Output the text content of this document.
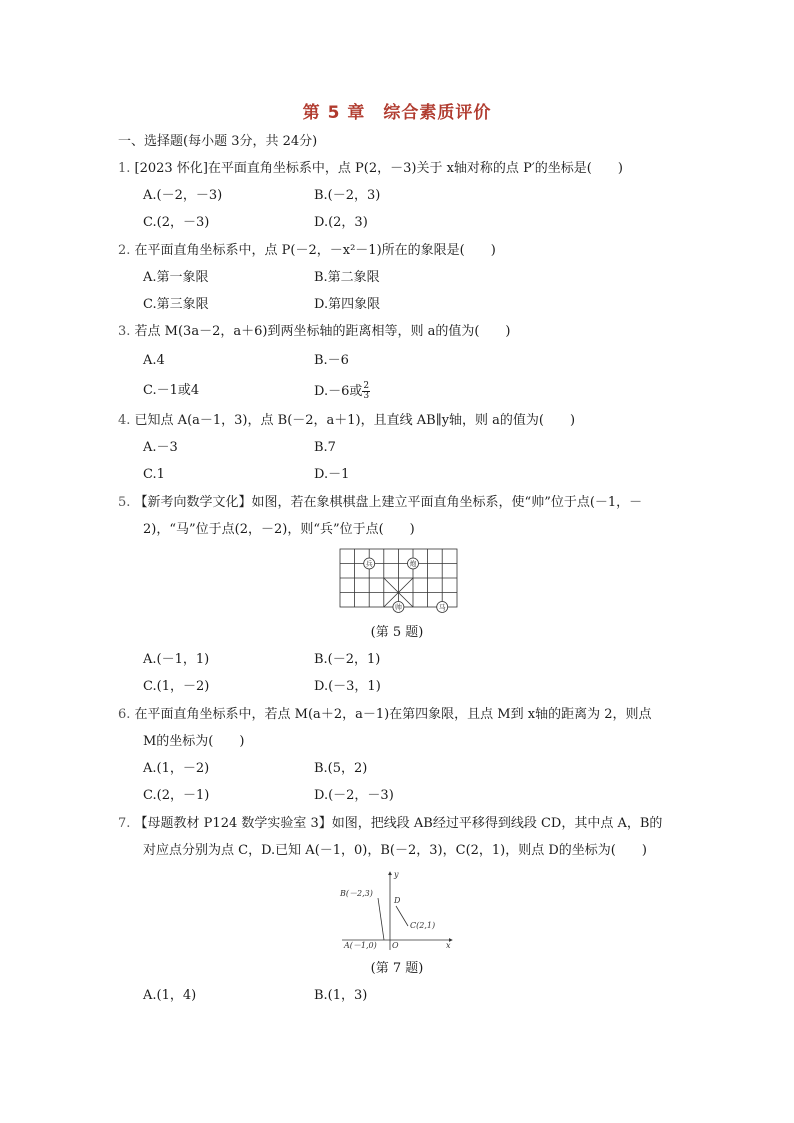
第 5 章　综合素质评价
一、选择题(每小题 3分，共 24分)
1. [2023 怀化]在平面直角坐标系中，点 P(2，－3)关于 x轴对称的点 P′的坐标是(　　)
A.(－2，－3)	B.(－2，3)
C.(2，－3)	D.(2，3)
2. 在平面直角坐标系中，点 P(－2，－x²－1)所在的象限是(　　)
A.第一象限	B.第二象限
C.第三象限	D.第四象限
3. 若点 M(3a－2，a＋6)到两坐标轴的距离相等，则 a的值为(　　)
A.4	B.－6
C.－1或4	D.－6或 $\frac{2}{3}$
4. 已知点 A(a－1，3)，点 B(－2，a＋1)，且直线 AB∥y轴，则 a的值为(　　)
A.－3	B.7
C.1	D.－1
5. 【新考向数学文化】如图，若在象棋棋盘上建立平面直角坐标系，使“帅”位于点(－1，－
2)，“马”位于点(2，－2)，则“兵”位于点(　　)
兵	炮
帅	马
(第 5 题)
A.(－1，1)	B.(－2，1)
C.(1，－2)	D.(－3，1)
6. 在平面直角坐标系中，若点 M(a＋2，a－1)在第四象限，且点 M到 x轴的距离为 2，则点
M的坐标为(　　)
A.(1，－2)	B.(5，2)
C.(2，－1)	D.(－2，－3)
7. 【母题教材 P124 数学实验室 3】如图，把线段 AB经过平移得到线段 CD，其中点 A，B的
对应点分别为点 C，D.已知 A(－1，0)，B(－2，3)，C(2，1)，则点 D的坐标为(　　)
y
x
O
B(－2,3)
D
C(2,1)
A(－1,0)
(第 7 题)
A.(1，4)	B.(1，3)
